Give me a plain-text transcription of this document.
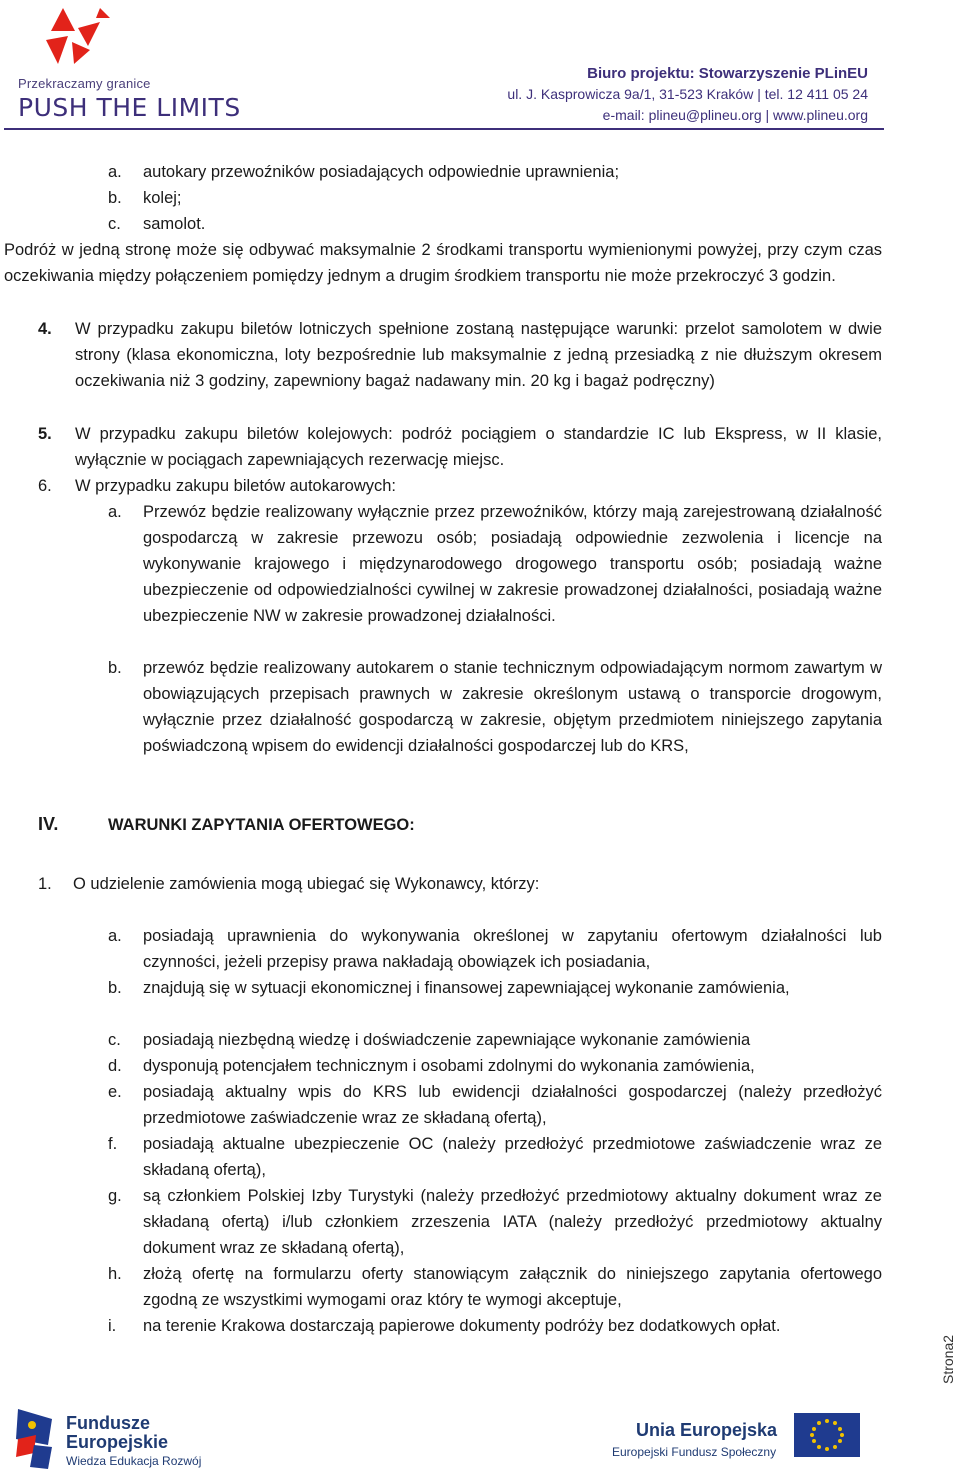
Przekraczamy granice
PUSH THE LIMITS
Biuro projektu: Stowarzyszenie PLinEU
ul. J. Kasprowicza 9a/1, 31-523 Kraków | tel. 12 411 05 24
e-mail: plineu@plineu.org | www.plineu.org
a. autokary przewoźników posiadających odpowiednie uprawnienia;
b. kolej;
c. samolot.
Podróż w jedną stronę może się odbywać maksymalnie 2 środkami transportu wymienionymi powyżej, przy czym czas oczekiwania między połączeniem pomiędzy jednym a drugim środkiem transportu nie może przekroczyć 3 godzin.
4. W przypadku zakupu biletów lotniczych spełnione zostaną następujące warunki: przelot samolotem w dwie strony (klasa ekonomiczna, loty bezpośrednie lub maksymalnie z jedną przesiadką z nie dłuższym okresem oczekiwania niż 3 godziny, zapewniony bagaż nadawany min. 20 kg i bagaż podręczny)
5. W przypadku zakupu biletów kolejowych: podróż pociągiem o standardzie IC lub Ekspress, w II klasie, wyłącznie w pociągach zapewniających rezerwację miejsc.
6. W przypadku zakupu biletów autokarowych:
a. Przewóz będzie realizowany wyłącznie przez przewoźników, którzy mają zarejestrowaną działalność gospodarczą w zakresie przewozu osób; posiadają odpowiednie zezwolenia i licencje na wykonywanie krajowego i międzynarodowego drogowego transportu osób; posiadają ważne ubezpieczenie od odpowiedzialności cywilnej w zakresie prowadzonej działalności, posiadają ważne ubezpieczenie NW w zakresie prowadzonej działalności.
b. przewóz będzie realizowany autokarem o stanie technicznym odpowiadającym normom zawartym w obowiązujących przepisach prawnych w zakresie określonym ustawą o transporcie drogowym, wyłącznie przez działalność gospodarczą w zakresie, objętym przedmiotem niniejszego zapytania poświadczoną wpisem do ewidencji działalności gospodarczej lub do KRS,
IV.	WARUNKI ZAPYTANIA OFERTOWEGO:
1. O udzielenie zamówienia mogą ubiegać się Wykonawcy, którzy:
a. posiadają uprawnienia do wykonywania określonej w zapytaniu ofertowym działalności lub czynności, jeżeli przepisy prawa nakładają obowiązek ich posiadania,
b. znajdują się w sytuacji ekonomicznej i finansowej zapewniającej wykonanie zamówienia,
c. posiadają niezbędną wiedzę i doświadczenie zapewniające wykonanie zamówienia
d. dysponują potencjałem technicznym i osobami zdolnymi do wykonania zamówienia,
e. posiadają aktualny wpis do KRS lub ewidencji działalności gospodarczej (należy przedłożyć przedmiotowe zaświadczenie wraz ze składaną ofertą),
f. posiadają aktualne ubezpieczenie OC (należy przedłożyć przedmiotowe zaświadczenie wraz ze składaną ofertą),
g. są członkiem Polskiej Izby Turystyki (należy przedłożyć przedmiotowy aktualny dokument wraz ze składaną ofertą) i/lub członkiem zrzeszenia IATA (należy przedłożyć przedmiotowy aktualny dokument wraz ze składaną ofertą),
h. złożą ofertę na formularzu oferty stanowiącym załącznik do niniejszego zapytania ofertowego zgodną ze wszystkimi wymogami oraz który te wymogi akceptuje,
i. na terenie Krakowa dostarczają papierowe dokumenty podróży bez dodatkowych opłat.
Strona2
Fundusze
Europejskie
Wiedza Edukacja Rozwój
Unia Europejska
Europejski Fundusz Społeczny
